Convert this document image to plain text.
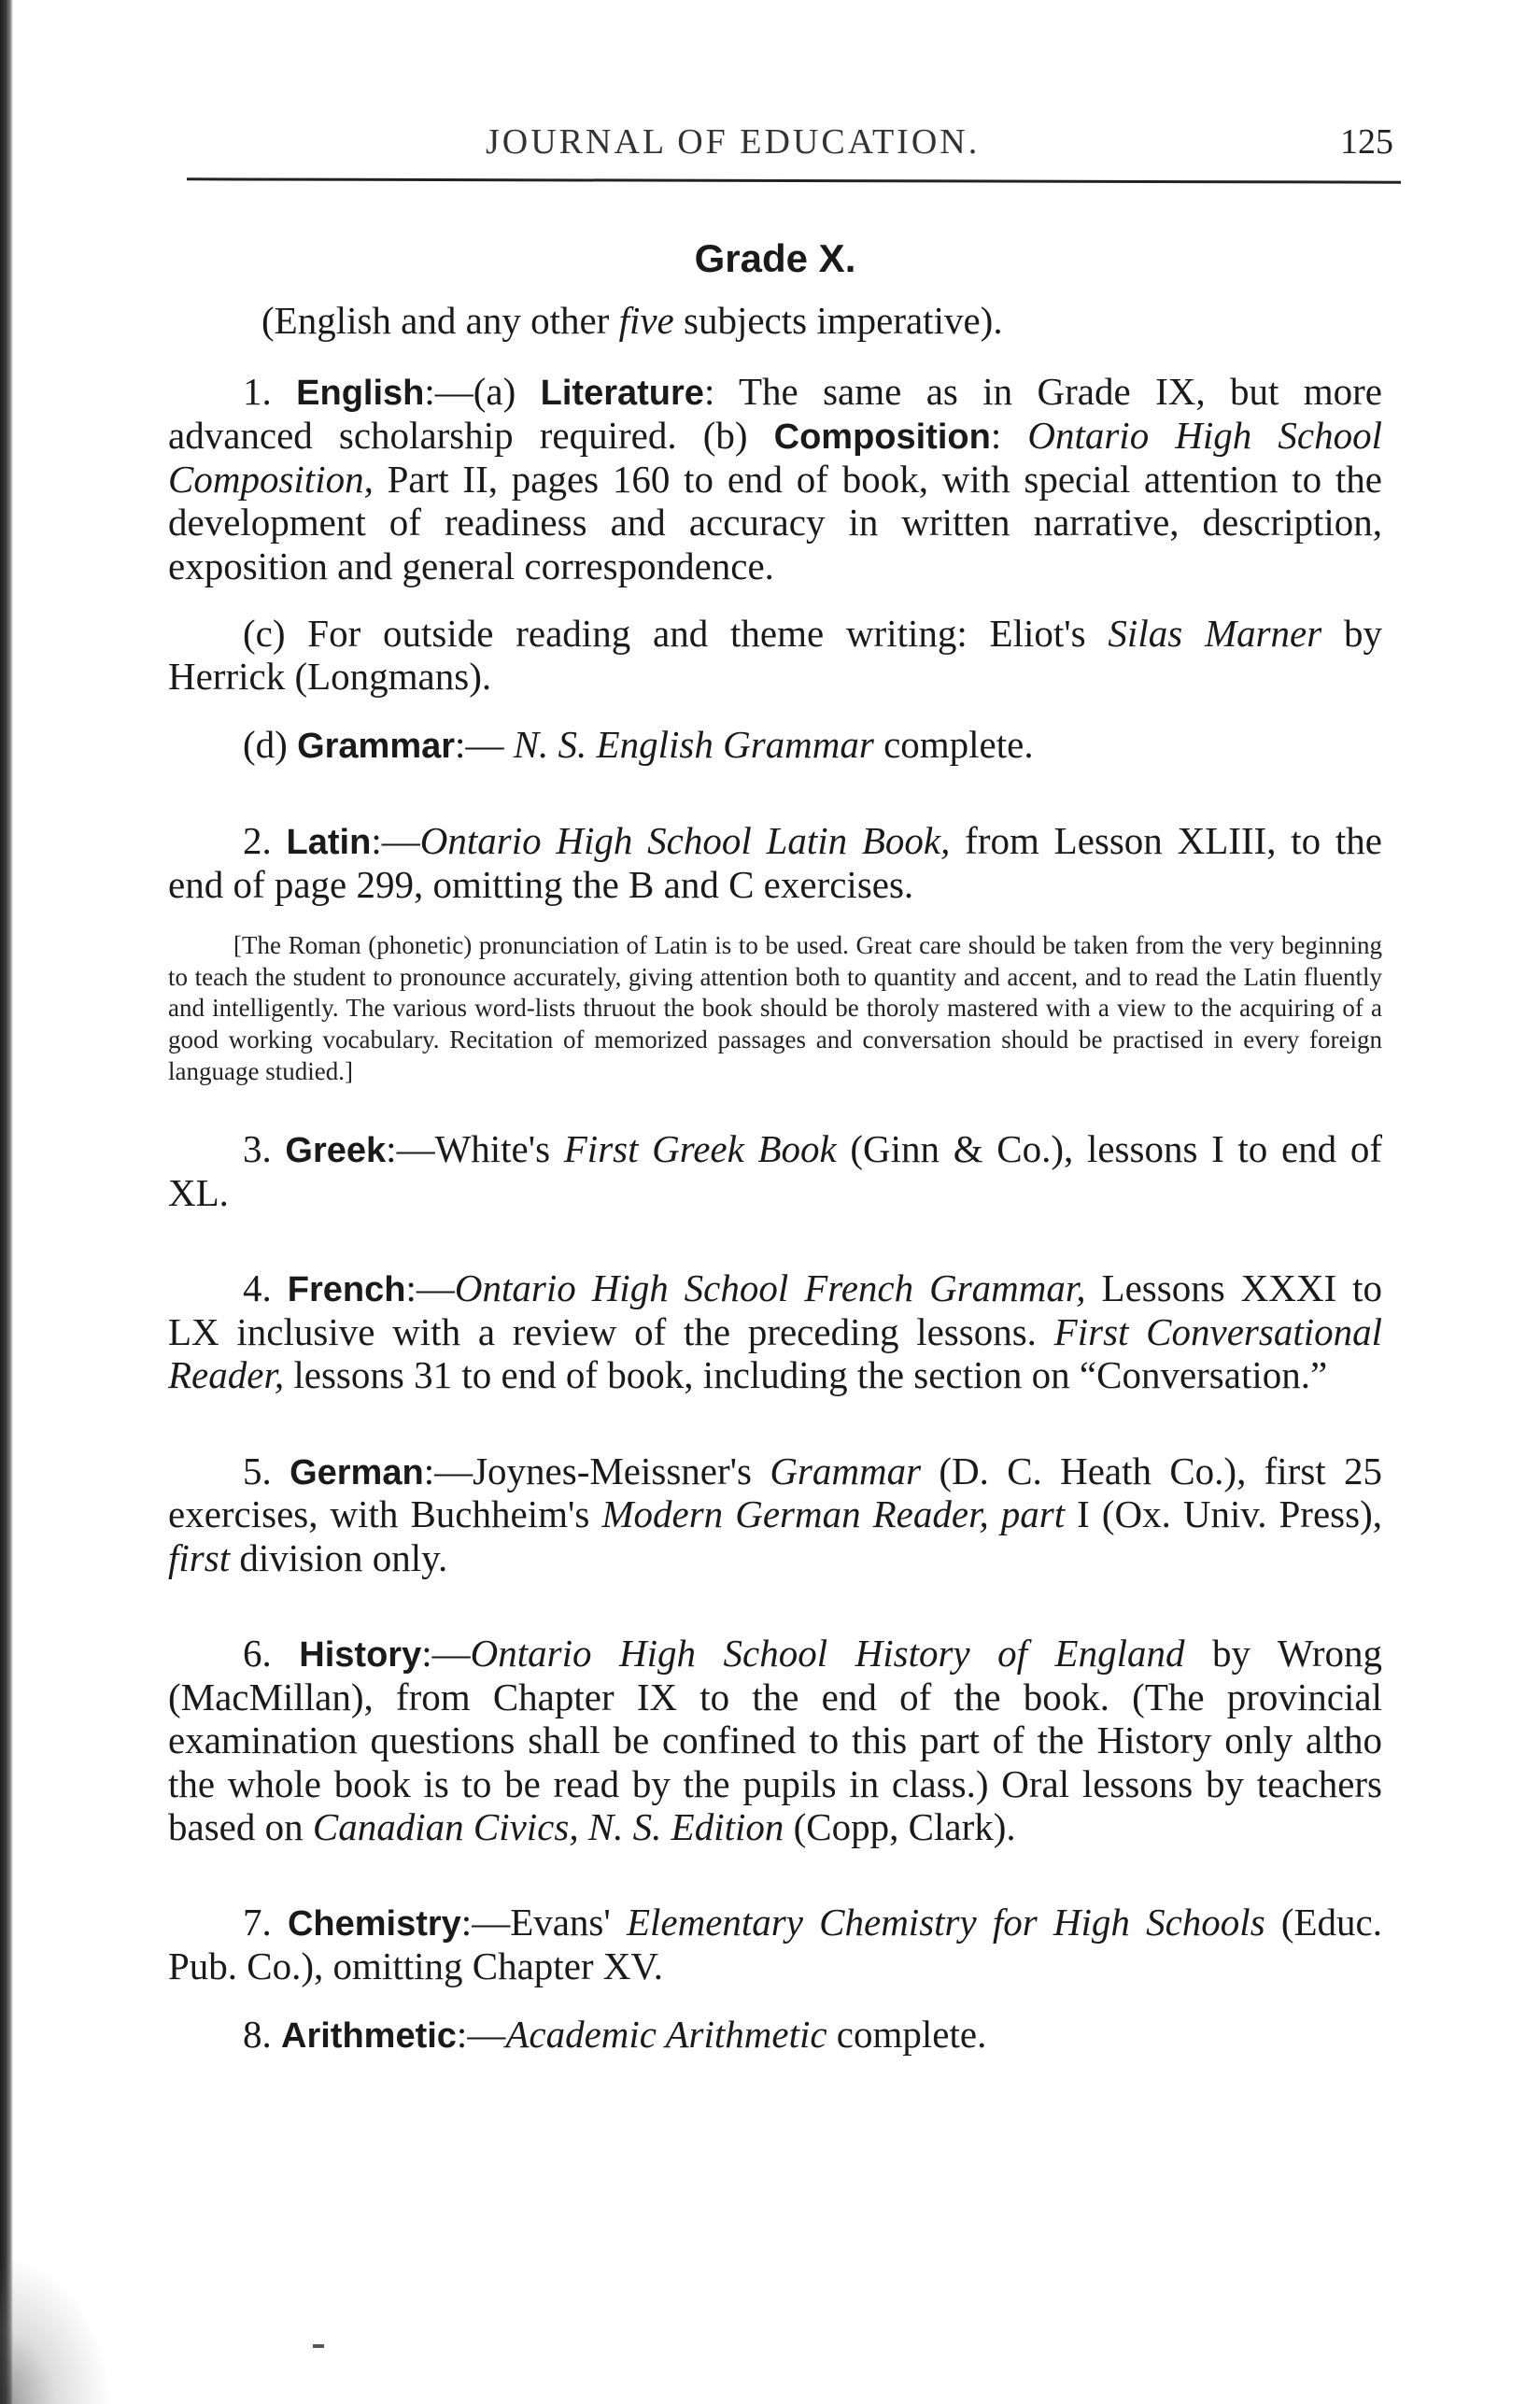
JOURNAL OF EDUCATION.	125
Grade X.

(English and any other five subjects imperative).

1. English:—(a) Literature: The same as in Grade IX, but more advanced scholarship required. (b) Composition: Ontario High School Composition, Part II, pages 160 to end of book, with special attention to the development of readiness and accuracy in written narrative, description, exposition and general correspondence.

(c) For outside reading and theme writing: Eliot's Silas Marner by Herrick (Longmans).

(d) Grammar:— N. S. English Grammar complete.

2. Latin:—Ontario High School Latin Book, from Lesson XLIII, to the end of page 299, omitting the B and C exercises.

[The Roman (phonetic) pronunciation of Latin is to be used. Great care should be taken from the very beginning to teach the student to pronounce accurately, giving attention both to quantity and accent, and to read the Latin fluently and intelligently. The various word-lists thruout the book should be thoroly mastered with a view to the acquiring of a good working vocabulary. Recitation of memorized passages and conversation should be practised in every foreign language studied.]

3. Greek:—White's First Greek Book (Ginn & Co.), lessons I to end of XL.

4. French:—Ontario High School French Grammar, Lessons XXXI to LX inclusive with a review of the preceding lessons. First Conversational Reader, lessons 31 to end of book, including the section on “Conversation.”

5. German:—Joynes-Meissner's Grammar (D. C. Heath Co.), first 25 exercises, with Buchheim's Modern German Reader, part I (Ox. Univ. Press), first division only.

6. History:—Ontario High School History of England by Wrong (MacMillan), from Chapter IX to the end of the book. (The provincial examination questions shall be confined to this part of the History only altho the whole book is to be read by the pupils in class.) Oral lessons by teachers based on Canadian Civics, N. S. Edition (Copp, Clark).

7. Chemistry:—Evans' Elementary Chemistry for High Schools (Educ. Pub. Co.), omitting Chapter XV.

8. Arithmetic:—Academic Arithmetic complete.
